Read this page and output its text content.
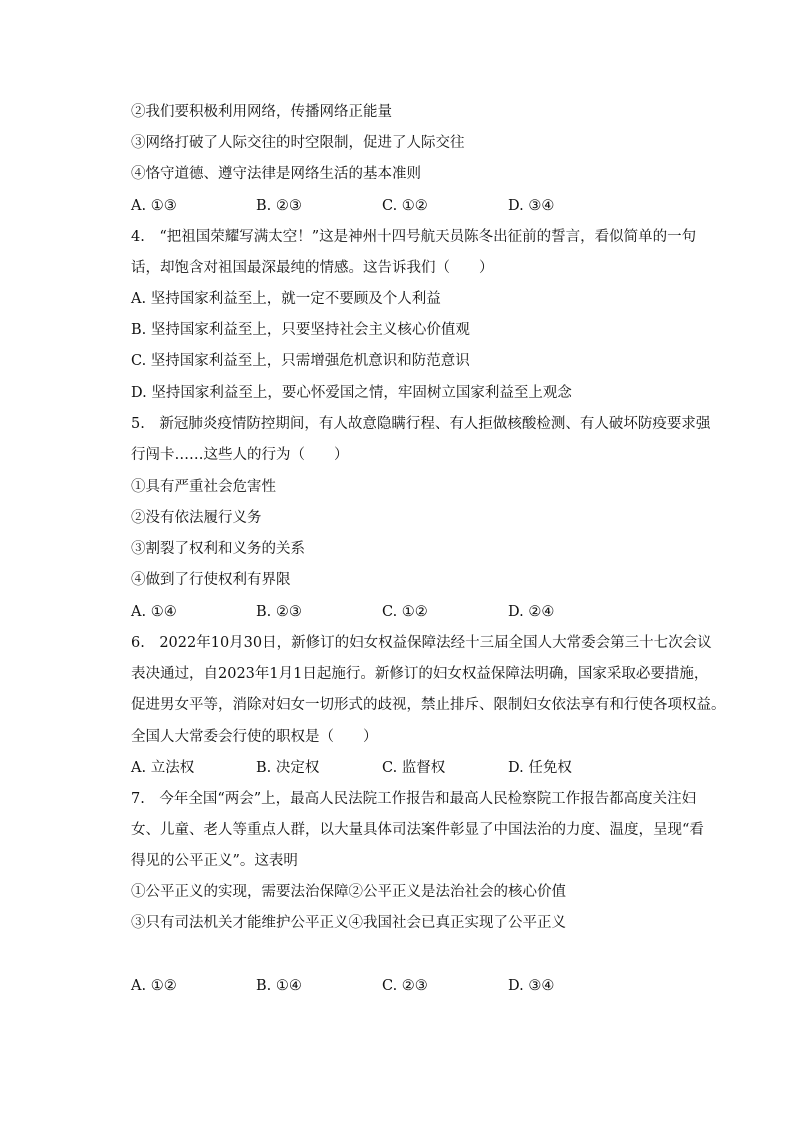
②我们要积极利用网络，传播网络正能量
③网络打破了人际交往的时空限制，促进了人际交往
④恪守道德、遵守法律是网络生活的基本准则
A. ①③	B. ②③	C. ①②	D. ③④
4.　“把祖国荣耀写满太空！”这是神州十四号航天员陈冬出征前的誓言，看似简单的一句
话，却饱含对祖国最深最纯的情感。这告诉我们（　　）
A. 坚持国家利益至上，就一定不要顾及个人利益
B. 坚持国家利益至上，只要坚持社会主义核心价值观
C. 坚持国家利益至上，只需增强危机意识和防范意识
D. 坚持国家利益至上，要心怀爱国之情，牢固树立国家利益至上观念
5.　新冠肺炎疫情防控期间，有人故意隐瞒行程、有人拒做核酸检测、有人破坏防疫要求强
行闯卡……这些人的行为（　　）
①具有严重社会危害性
②没有依法履行义务
③割裂了权利和义务的关系
④做到了行使权利有界限
A. ①④	B. ②③	C. ①②	D. ②④
6.　2022年10月30日，新修订的妇女权益保障法经十三届全国人大常委会第三十七次会议
表决通过，自2023年1月1日起施行。新修订的妇女权益保障法明确，国家采取必要措施，
促进男女平等，消除对妇女一切形式的歧视，禁止排斥、限制妇女依法享有和行使各项权益。
全国人大常委会行使的职权是（　　）
A. 立法权	B. 决定权	C. 监督权	D. 任免权
7.　今年全国“两会”上，最高人民法院工作报告和最高人民检察院工作报告都高度关注妇
女、儿童、老人等重点人群，以大量具体司法案件彰显了中国法治的力度、温度，呈现“看
得见的公平正义”。这表明
①公平正义的实现，需要法治保障②公平正义是法治社会的核心价值
③只有司法机关才能维护公平正义④我国社会已真正实现了公平正义
A. ①②	B. ①④	C. ②③	D. ③④
